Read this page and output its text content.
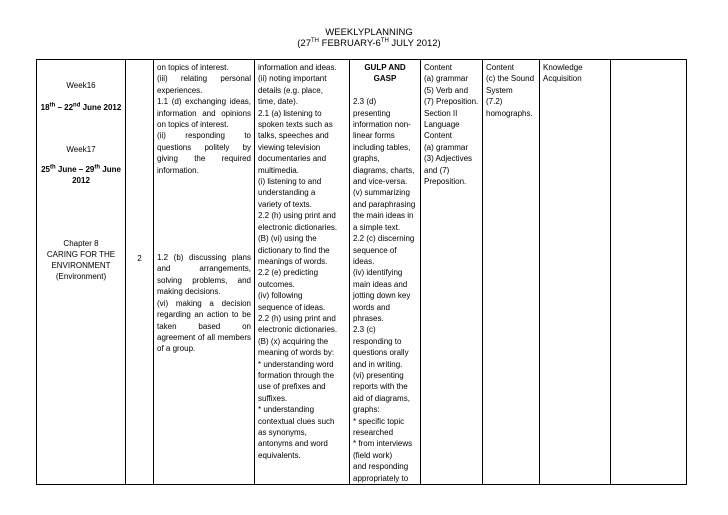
WEEKLYPLANNING
(27TH FEBRUARY-6TH JULY 2012)
Week16
18th – 22nd June 2012
Week17
25th June – 29th June
2012
Chapter 8
CARING FOR THE
ENVIRONMENT
(Environment)

2

on topics of interest.
(iii) relating personal experiences.
1.1 (d) exchanging ideas, information and opinions on topics of interest.
(ii) responding to questions politely by giving the required information.
1.2 (b) discussing plans and arrangements, solving problems, and making decisions.
(vi) making a decision regarding an action to be taken based on agreement of all members of a group.

information and ideas.
(ii) noting important
details (e.g. place,
time, date).
2.1 (a) listening to
spoken texts such as
talks, speeches and
viewing television
documentaries and
multimedia.
(i) listening to and
understanding a
variety of texts.
2.2 (h) using print and
electronic dictionaries.
(B) (vi) using the
dictionary to find the
meanings of words.
2.2 (e) predicting
outcomes.
(iv) following
sequence of ideas.
2.2 (h) using print and
electronic dictionaries.
(B) (x) acquiring the
meaning of words by:
* understanding word
formation through the
use of prefixes and
suffixes.
* understanding
contextual clues such
as synonyms,
antonyms and word
equivalents.

GULP AND GASP

2.3 (d)
presenting
information non-
linear forms
including tables,
graphs,
diagrams, charts,
and vice-versa.
(v) summarizing
and paraphrasing
the main ideas in
a simple text.
2.2 (c) discerning
sequence of
ideas.
(iv) identifying
main ideas and
jotting down key
words and
phrases.
2.3 (c)
responding to
questions orally
and in writing.
(vi) presenting
reports with the
aid of diagrams,
graphs:
* specific topic
researched
* from interviews
(field work)
and responding
appropriately to

Content
(a) grammar
(5) Verb and
(7) Preposition.
Section II
Language
Content
(a) grammar
(3) Adjectives
and (7)
Preposition.

Content
(c) the Sound
System
(7.2)
homographs.

Knowledge
Acquisition
